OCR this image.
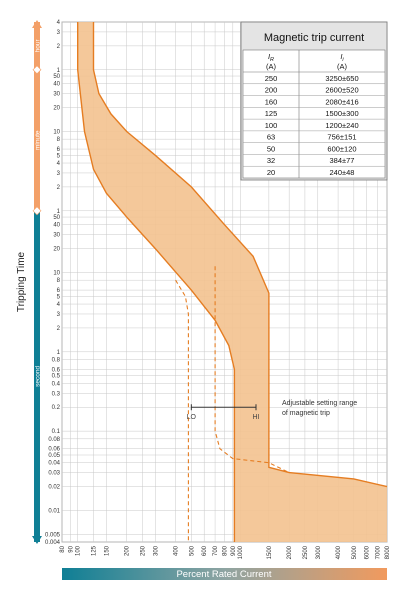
LO	HI
Adjustable setting range
of magnetic trip
0.004
0.005
0.01
0.02
0.03
0.04
0.05
0.06
0.08
0.1
0.2
0.3
0.4
0.5
0.6
0.8
1
2
3
4
5
6
8
10
20
30
40
50
1
2
3
4
5
6
8
10
20
30
40
50
1
2
3
4
80 90 100 125 150 200 250 300 400 500 600 700 800 900 1000	1500 2000 2500 3000 4000 5000 6000 7000 8000
second
minute
hour
Magnetic trip current
$I_R$
(A)
$I_i$
(A)
250	3250±650
200	2600±520
160	2080±416
125	1500±300
100	1200±240
63	756±151
50	600±120
32	384±77
20	240±48
Tripping Time
Percent Rated Current
